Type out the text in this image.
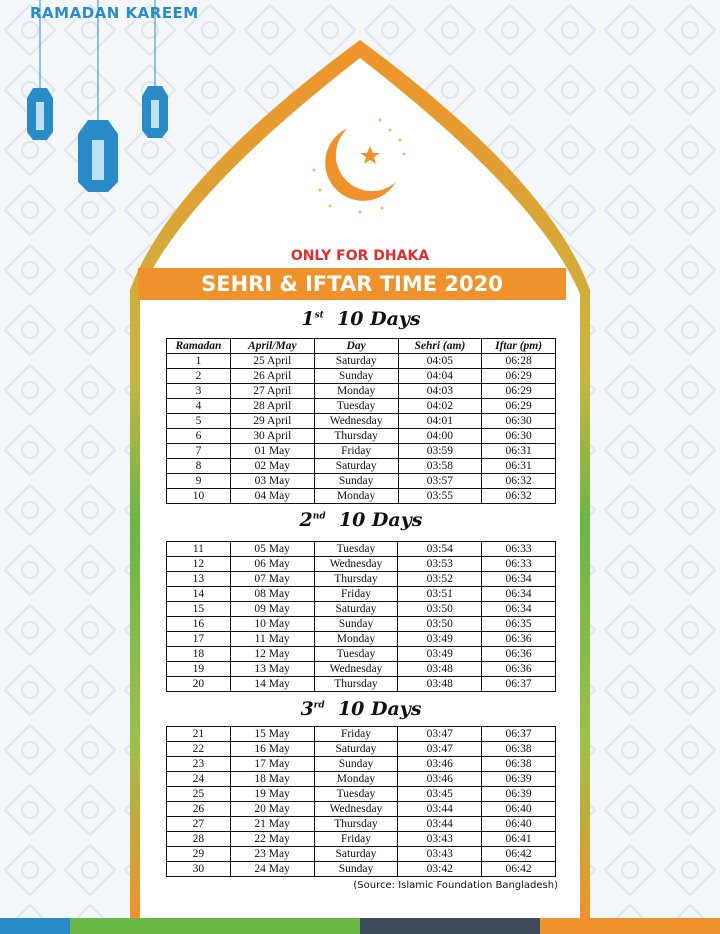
RAMADAN KAREEM
ONLY FOR DHAKA
SEHRI & IFTAR TIME 2020
1st 10 Days
Ramadan	April/May	Day	Sehri (am)	Iftar (pm)
1	25 April	Saturday	04:05	06:28
2	26 April	Sunday	04:04	06:29
3	27 April	Monday	04:03	06:29
4	28 April	Tuesday	04:02	06:29
5	29 April	Wednesday	04:01	06:30
6	30 April	Thursday	04:00	06:30
7	01 May	Friday	03:59	06:31
8	02 May	Saturday	03:58	06:31
9	03 May	Sunday	03:57	06:32
10	04 May	Monday	03:55	06:32
2nd 10 Days
11	05 May	Tuesday	03:54	06:33
12	06 May	Wednesday	03:53	06:33
13	07 May	Thursday	03:52	06:34
14	08 May	Friday	03:51	06:34
15	09 May	Saturday	03:50	06:34
16	10 May	Sunday	03:50	06:35
17	11 May	Monday	03:49	06:36
18	12 May	Tuesday	03:49	06:36
19	13 May	Wednesday	03:48	06:36
20	14 May	Thursday	03:48	06:37
3rd 10 Days
21	15 May	Friday	03:47	06:37
22	16 May	Saturday	03:47	06:38
23	17 May	Sunday	03:46	06:38
24	18 May	Monday	03:46	06:39
25	19 May	Tuesday	03:45	06:39
26	20 May	Wednesday	03:44	06:40
27	21 May	Thursday	03:44	06:40
28	22 May	Friday	03:43	06:41
29	23 May	Saturday	03:43	06:42
30	24 May	Sunday	03:42	06:42
(Source: Islamic Foundation Bangladesh)
